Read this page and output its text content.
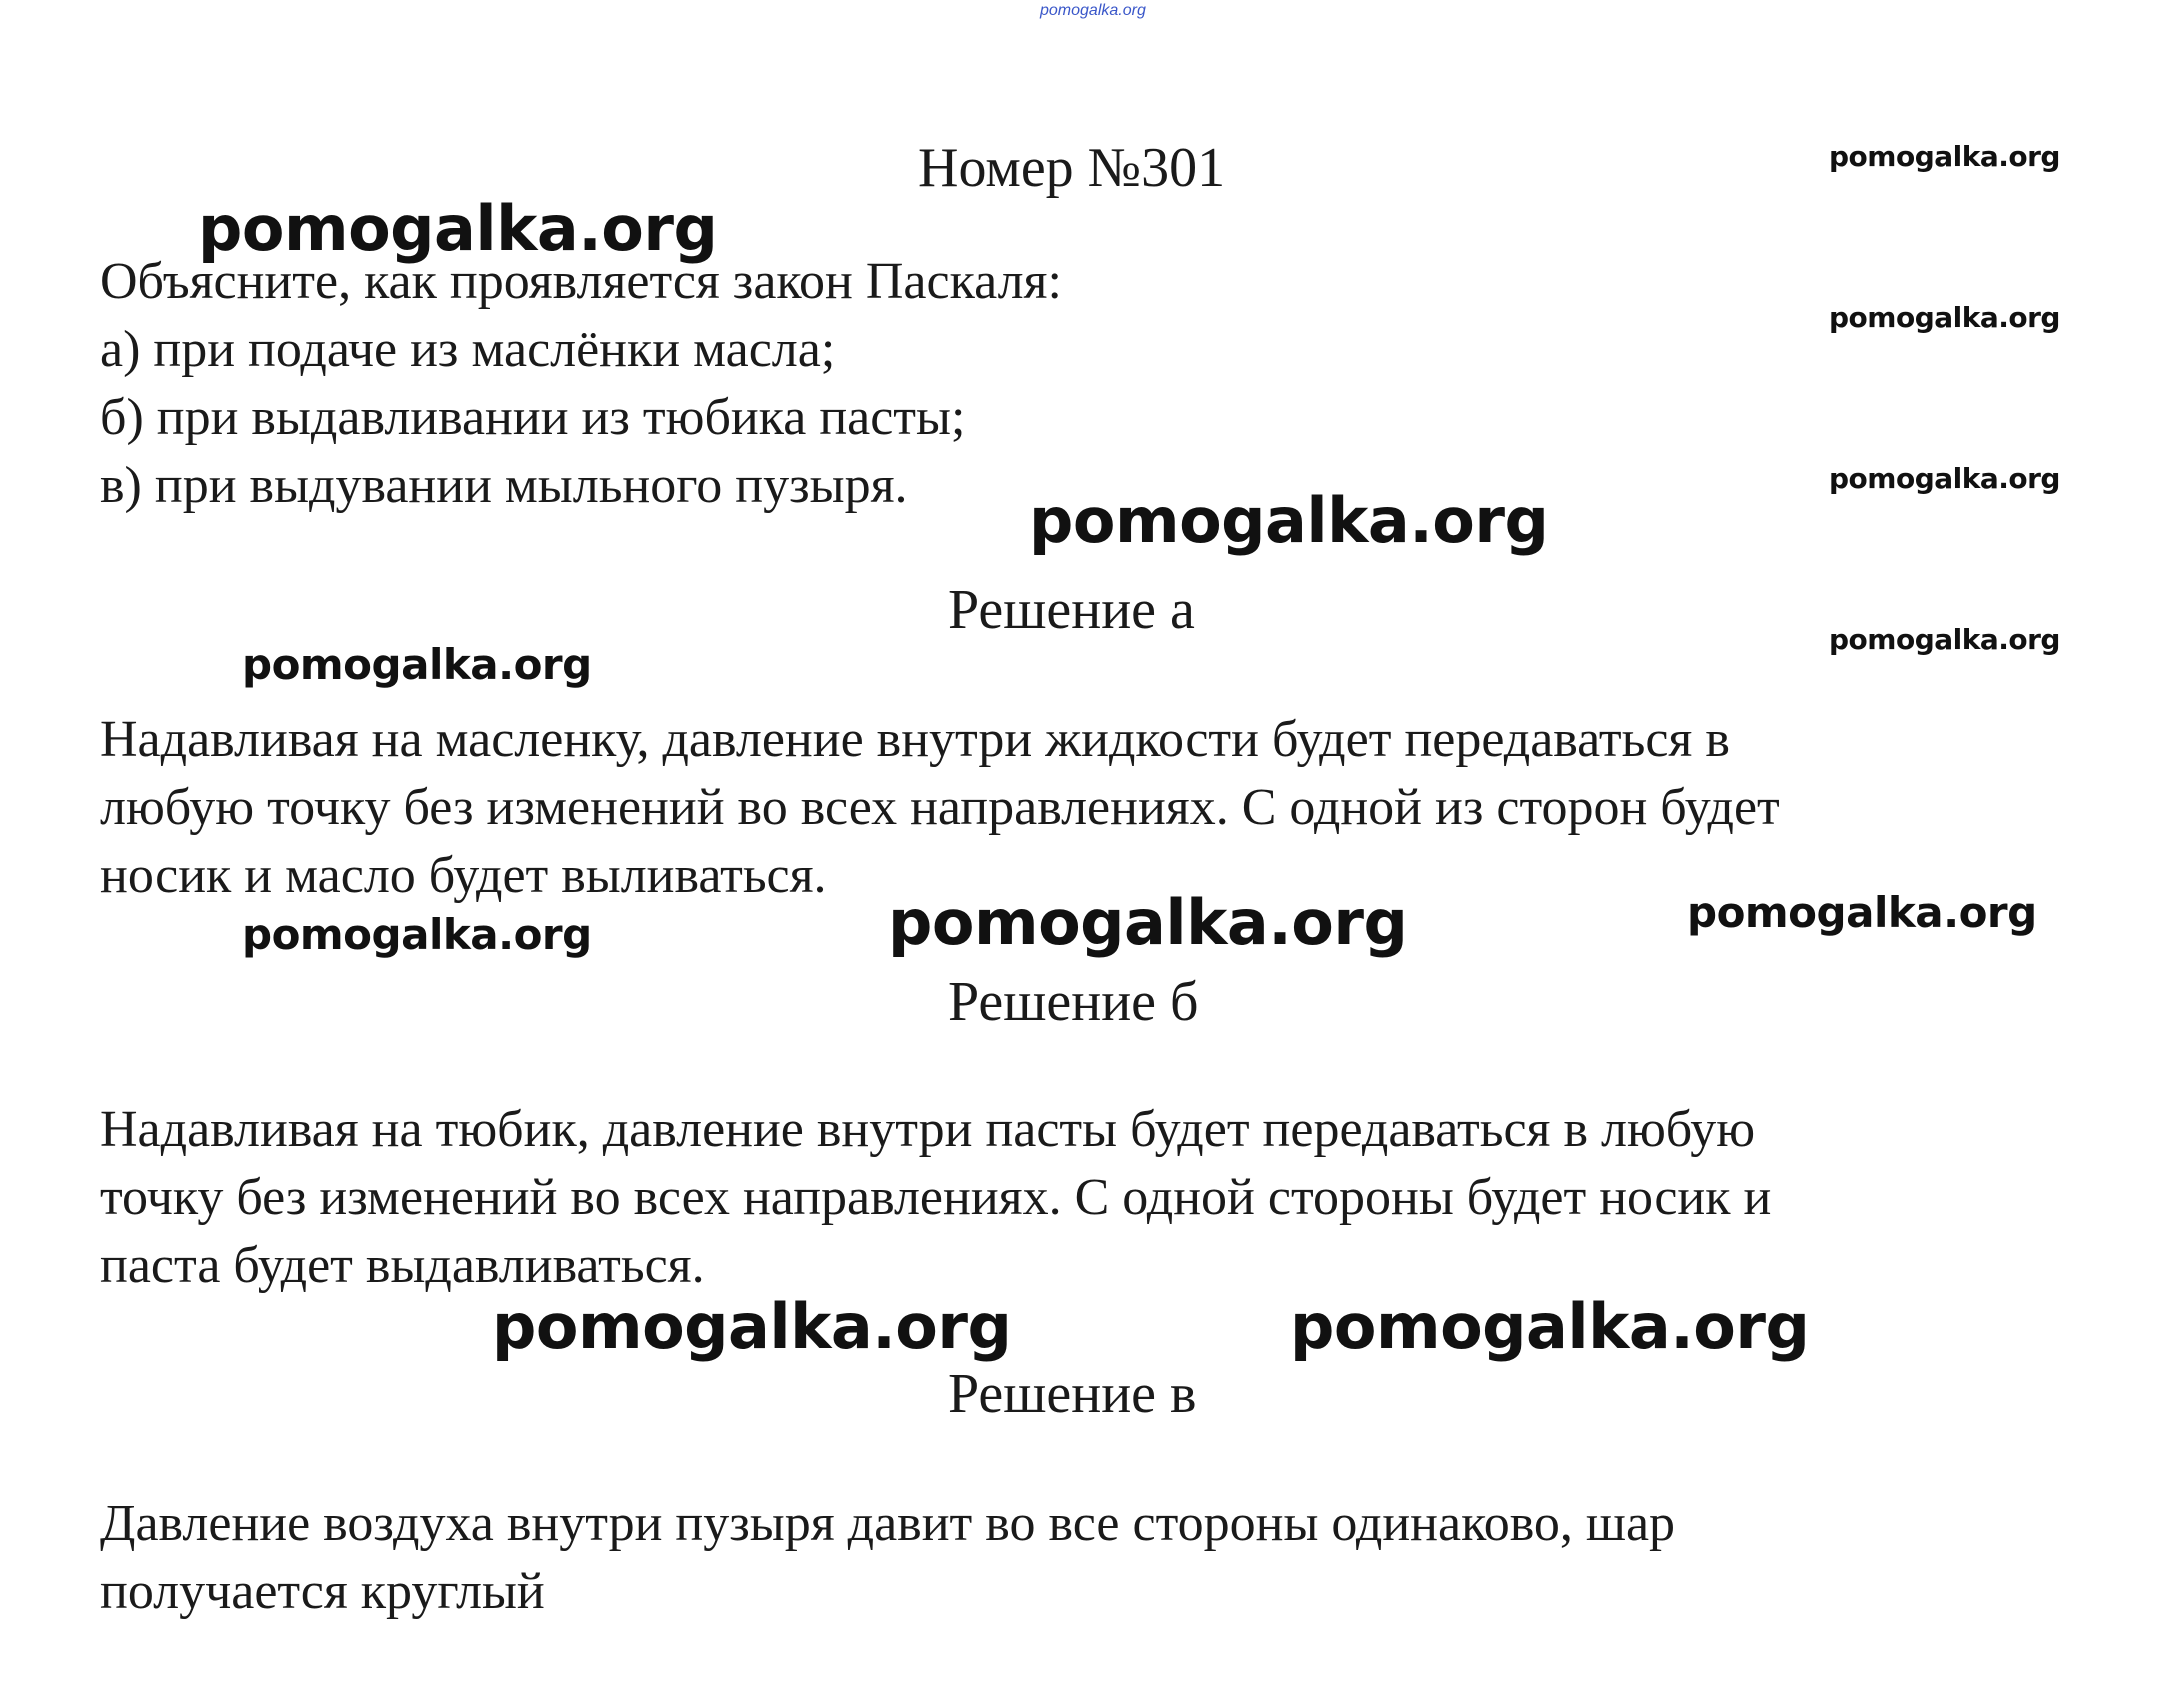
pomogalka.org
Номер №301
Объясните, как проявляется закон Паскаля:
а) при подаче из маслёнки масла;
б) при выдавливании из тюбика пасты;
в) при выдувании мыльного пузыря.
Решение а
Надавливая на масленку, давление внутри жидкости будет передаваться в
любую точку без изменений во всех направлениях. С одной из сторон будет
носик и масло будет выливаться.
Решение б
Надавливая на тюбик, давление внутри пасты будет передаваться в любую
точку без изменений во всех направлениях. С одной стороны будет носик и
паста будет выдавливаться.
Решение в
Давление воздуха внутри пузыря давит во все стороны одинаково, шар
получается круглый
pomogalka.org
pomogalka.org
pomogalka.org
pomogalka.org
pomogalka.org
pomogalka.org
pomogalka.org
pomogalka.org	pomogalka.org	pomogalka.org
pomogalka.org	pomogalka.org
